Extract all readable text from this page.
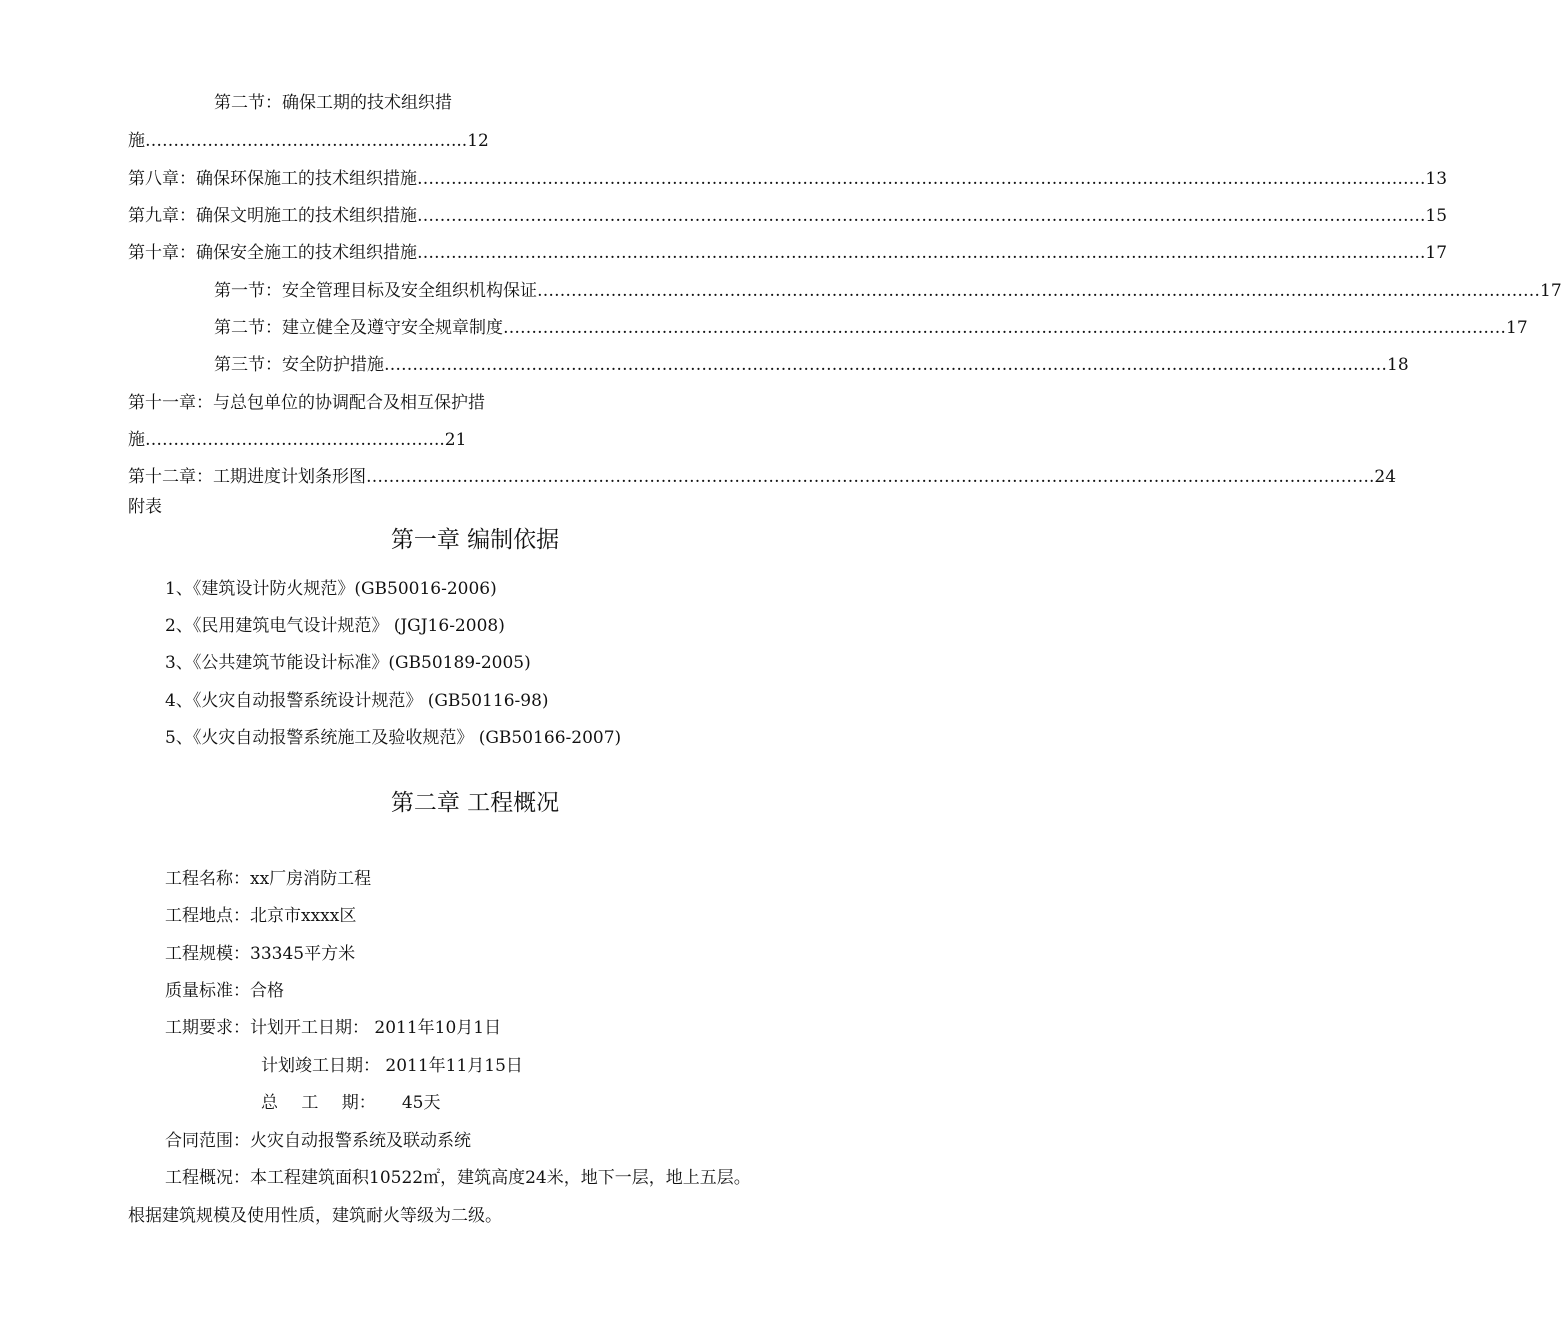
第二节：确保工期的技术组织措
施………………………………………………...12
第八章：确保环保施工的技术组织措施 …………………………………………………………………………………………………………………………………………………………… .13
第九章：确保文明施工的技术组织措施 …………………………………………………………………………………………………………………………………………………………… .15
第十章：确保安全施工的技术组织措施 …………………………………………………………………………………………………………………………………………………………… .17
第一节：安全管理目标及安全组织机构保证 …………………………………………………………………………………………………………………………………………………………… 17
第二节：建立健全及遵守安全规章制度 …………………………………………………………………………………………………………………………………………………………… 17
第三节：安全防护措施 …………………………………………………………………………………………………………………………………………………………… 18
第十一章：与总包单位的协调配合及相互保护措
施……………………………………………..21
第十二章：工期进度计划条形图 …………………………………………………………………………………………………………………………………………………………… .24
附表
第一章 编制依据
1、《建筑设计防火规范》(GB50016-2006)
2、《民用建筑电气设计规范》 (JGJ16-2008)
3、《公共建筑节能设计标准》(GB50189-2005)
4、《火灾自动报警系统设计规范》 (GB50116-98)
5、《火灾自动报警系统施工及验收规范》 (GB50166-2007)
第二章 工程概况
工程名称：xx厂房消防工程
工程地点：北京市xxxx区
工程规模：33345平方米
质量标准：合格
工期要求：计划开工日期： 2011年10月1日
计划竣工日期： 2011年11月15日
总 工 期： 45天
合同范围：火灾自动报警系统及联动系统
工程概况：本工程建筑面积10522㎡，建筑高度24米，地下一层，地上五层。
根据建筑规模及使用性质，建筑耐火等级为二级。
